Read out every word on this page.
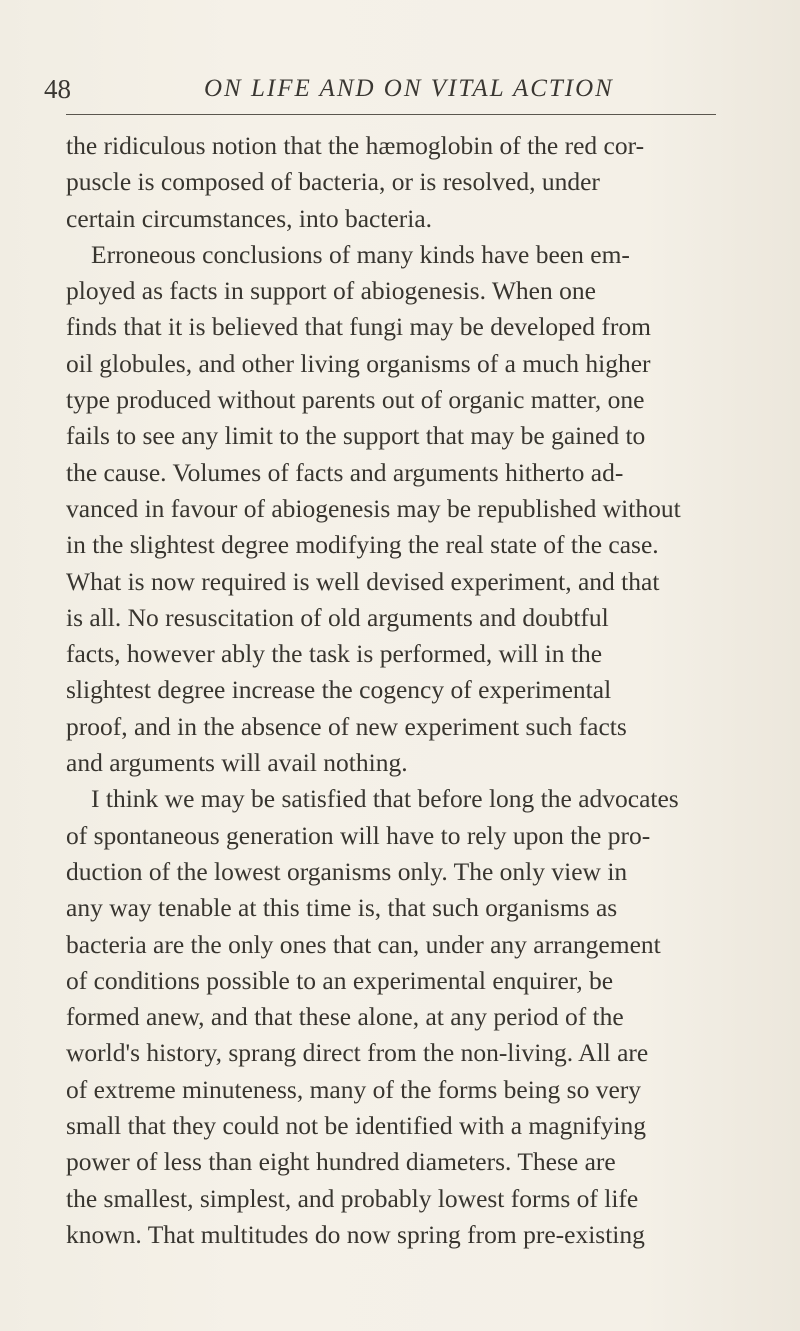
48	ON LIFE AND ON VITAL ACTION
the ridiculous notion that the hæmoglobin of the red cor-
puscle is composed of bacteria, or is resolved, under
certain circumstances, into bacteria.
Erroneous conclusions of many kinds have been em-
ployed as facts in support of abiogenesis. When one
finds that it is believed that fungi may be developed from
oil globules, and other living organisms of a much higher
type produced without parents out of organic matter, one
fails to see any limit to the support that may be gained to
the cause. Volumes of facts and arguments hitherto ad-
vanced in favour of abiogenesis may be republished without
in the slightest degree modifying the real state of the case.
What is now required is well devised experiment, and that
is all. No resuscitation of old arguments and doubtful
facts, however ably the task is performed, will in the
slightest degree increase the cogency of experimental
proof, and in the absence of new experiment such facts
and arguments will avail nothing.
I think we may be satisfied that before long the advocates
of spontaneous generation will have to rely upon the pro-
duction of the lowest organisms only. The only view in
any way tenable at this time is, that such organisms as
bacteria are the only ones that can, under any arrangement
of conditions possible to an experimental enquirer, be
formed anew, and that these alone, at any period of the
world's history, sprang direct from the non-living. All are
of extreme minuteness, many of the forms being so very
small that they could not be identified with a magnifying
power of less than eight hundred diameters. These are
the smallest, simplest, and probably lowest forms of life
known. That multitudes do now spring from pre-existing
